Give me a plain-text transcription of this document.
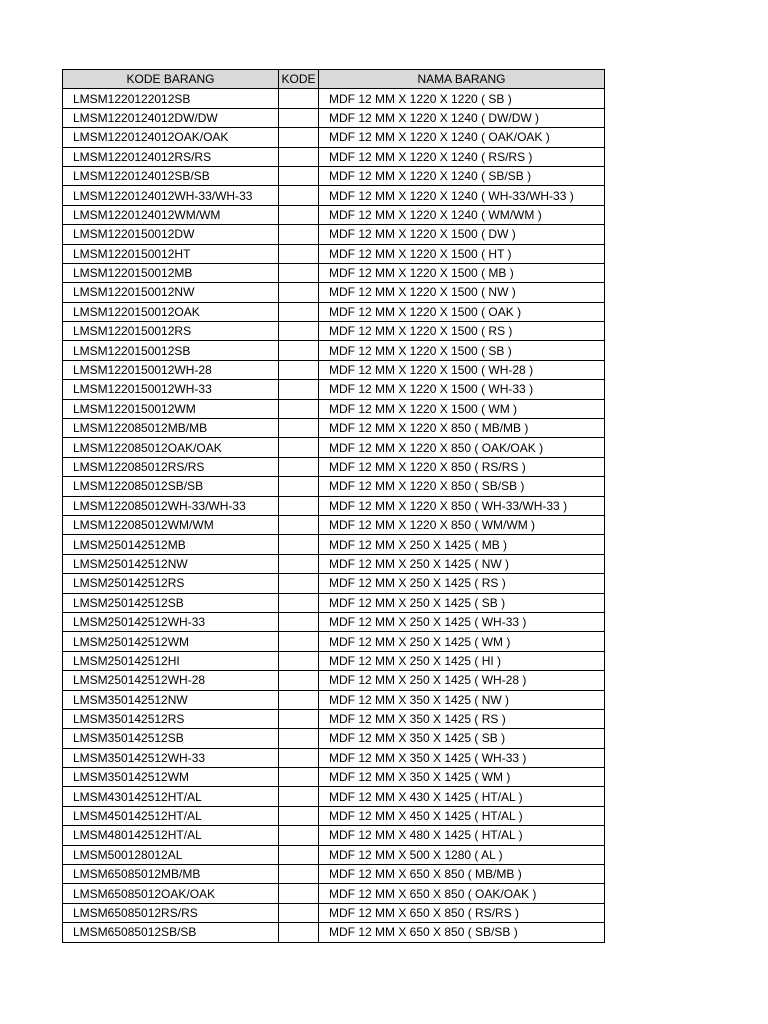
KODE BARANG	KODE	NAMA BARANG
LMSM1220122012SB		MDF 12 MM X 1220 X 1220 ( SB )
LMSM1220124012DW/DW		MDF 12 MM X 1220 X 1240 ( DW/DW )
LMSM1220124012OAK/OAK		MDF 12 MM X 1220 X 1240 ( OAK/OAK )
LMSM1220124012RS/RS		MDF 12 MM X 1220 X 1240 ( RS/RS )
LMSM1220124012SB/SB		MDF 12 MM X 1220 X 1240 ( SB/SB )
LMSM1220124012WH-33/WH-33		MDF 12 MM X 1220 X 1240 ( WH-33/WH-33 )
LMSM1220124012WM/WM		MDF 12 MM X 1220 X 1240 ( WM/WM )
LMSM1220150012DW		MDF 12 MM X 1220 X 1500 ( DW )
LMSM1220150012HT		MDF 12 MM X 1220 X 1500 ( HT )
LMSM1220150012MB		MDF 12 MM X 1220 X 1500 ( MB )
LMSM1220150012NW		MDF 12 MM X 1220 X 1500 ( NW )
LMSM1220150012OAK		MDF 12 MM X 1220 X 1500 ( OAK )
LMSM1220150012RS		MDF 12 MM X 1220 X 1500 ( RS )
LMSM1220150012SB		MDF 12 MM X 1220 X 1500 ( SB )
LMSM1220150012WH-28		MDF 12 MM X 1220 X 1500 ( WH-28 )
LMSM1220150012WH-33		MDF 12 MM X 1220 X 1500 ( WH-33 )
LMSM1220150012WM		MDF 12 MM X 1220 X 1500 ( WM )
LMSM122085012MB/MB		MDF 12 MM X 1220 X 850 ( MB/MB )
LMSM122085012OAK/OAK		MDF 12 MM X 1220 X 850 ( OAK/OAK )
LMSM122085012RS/RS		MDF 12 MM X 1220 X 850 ( RS/RS )
LMSM122085012SB/SB		MDF 12 MM X 1220 X 850 ( SB/SB )
LMSM122085012WH-33/WH-33		MDF 12 MM X 1220 X 850 ( WH-33/WH-33 )
LMSM122085012WM/WM		MDF 12 MM X 1220 X 850 ( WM/WM )
LMSM250142512MB		MDF 12 MM X 250 X 1425 ( MB )
LMSM250142512NW		MDF 12 MM X 250 X 1425 ( NW )
LMSM250142512RS		MDF 12 MM X 250 X 1425 ( RS )
LMSM250142512SB		MDF 12 MM X 250 X 1425 ( SB )
LMSM250142512WH-33		MDF 12 MM X 250 X 1425 ( WH-33 )
LMSM250142512WM		MDF 12 MM X 250 X 1425 ( WM )
LMSM250142512HI		MDF 12 MM X 250 X 1425 ( HI )
LMSM250142512WH-28		MDF 12 MM X 250 X 1425 ( WH-28 )
LMSM350142512NW		MDF 12 MM X 350 X 1425 ( NW )
LMSM350142512RS		MDF 12 MM X 350 X 1425 ( RS )
LMSM350142512SB		MDF 12 MM X 350 X 1425 ( SB )
LMSM350142512WH-33		MDF 12 MM X 350 X 1425 ( WH-33 )
LMSM350142512WM		MDF 12 MM X 350 X 1425 ( WM )
LMSM430142512HT/AL		MDF 12 MM X 430 X 1425 ( HT/AL )
LMSM450142512HT/AL		MDF 12 MM X 450 X 1425 ( HT/AL )
LMSM480142512HT/AL		MDF 12 MM X 480 X 1425 ( HT/AL )
LMSM500128012AL		MDF 12 MM X 500 X 1280 ( AL )
LMSM65085012MB/MB		MDF 12 MM X 650 X 850 ( MB/MB )
LMSM65085012OAK/OAK		MDF 12 MM X 650 X 850 ( OAK/OAK )
LMSM65085012RS/RS		MDF 12 MM X 650 X 850 ( RS/RS )
LMSM65085012SB/SB		MDF 12 MM X 650 X 850 ( SB/SB )
